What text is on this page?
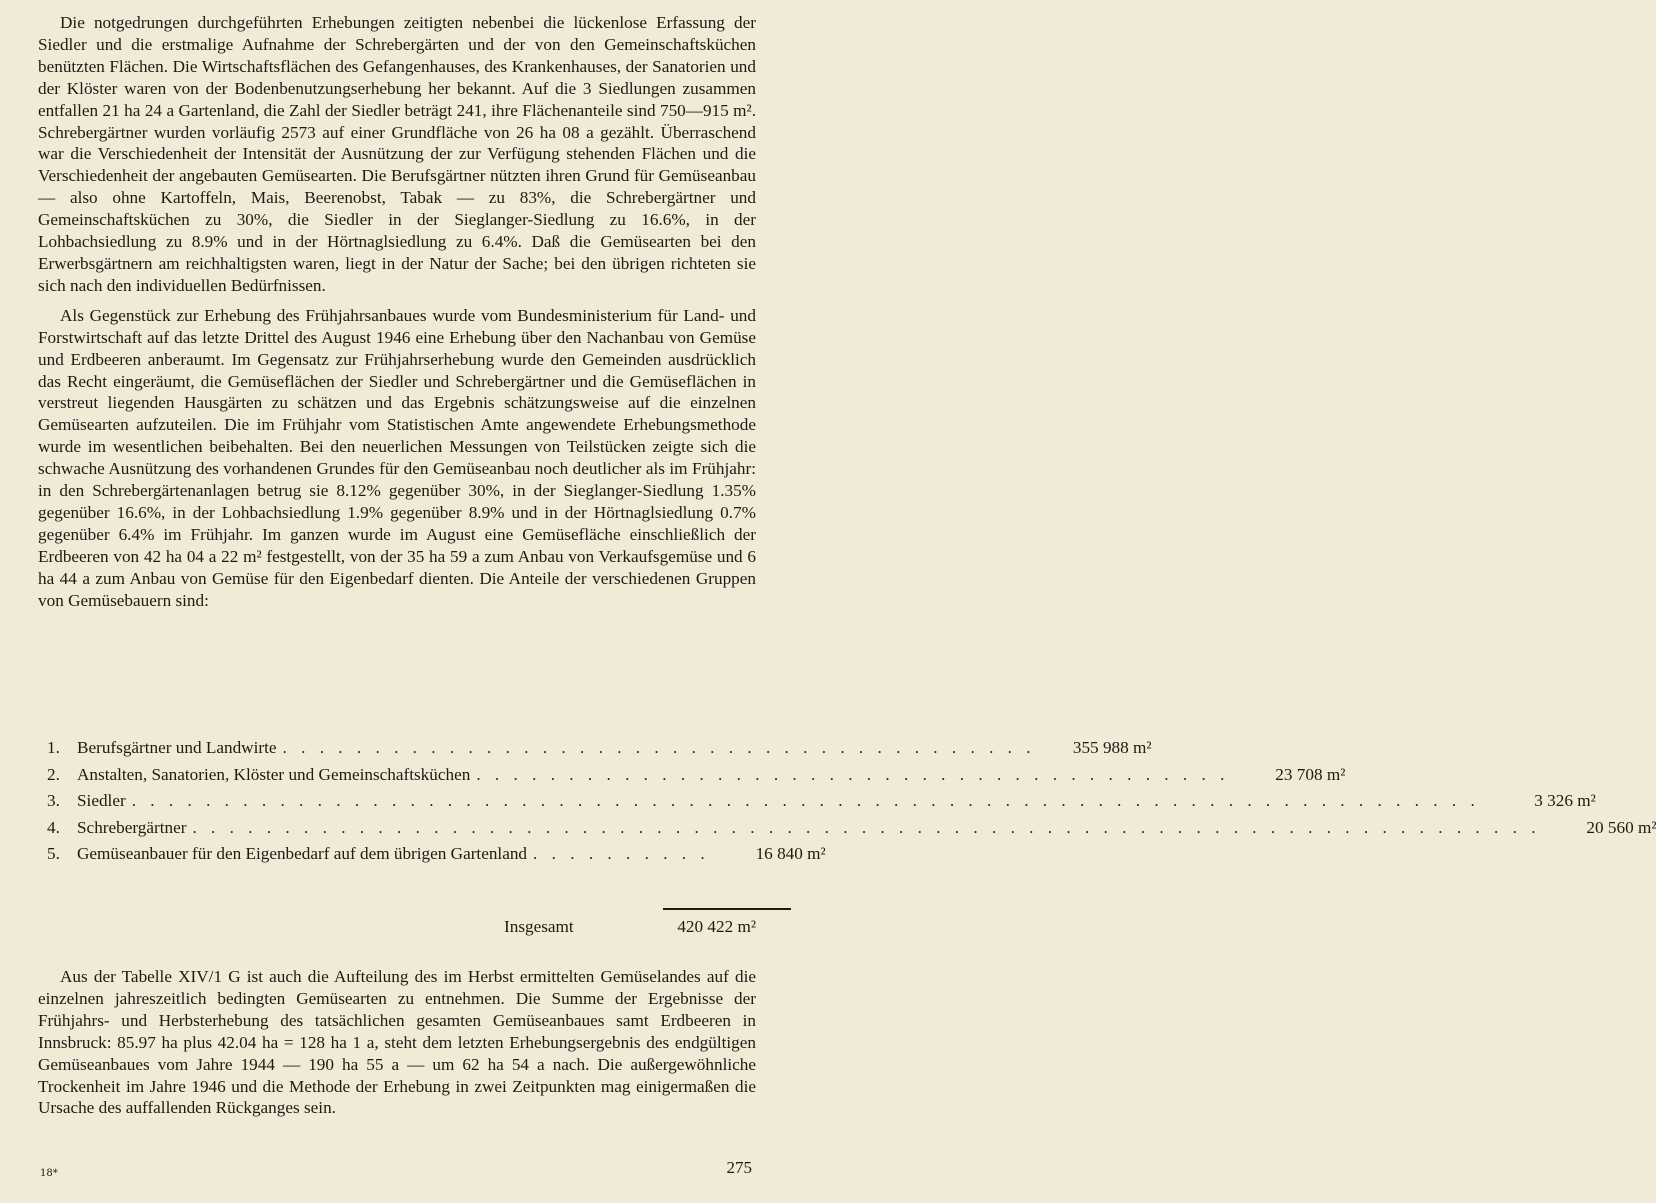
Die notgedrungen durchgeführten Erhebungen zeitigten nebenbei die lückenlose Erfassung der Siedler und die erstmalige Aufnahme der Schrebergärten und der von den Gemeinschaftsküchen benützten Flächen. Die Wirtschaftsflächen des Gefangenhauses, des Krankenhauses, der Sanatorien und der Klöster waren von der Bodenbenutzungserhebung her bekannt. Auf die 3 Siedlungen zusammen entfallen 21 ha 24 a Gartenland, die Zahl der Siedler beträgt 241, ihre Flächenanteile sind 750—915 m². Schrebergärtner wurden vorläufig 2573 auf einer Grundfläche von 26 ha 08 a gezählt. Überraschend war die Verschiedenheit der Intensität der Ausnützung der zur Verfügung stehenden Flächen und die Verschiedenheit der angebauten Gemüsearten. Die Berufsgärtner nützten ihren Grund für Gemüseanbau — also ohne Kartoffeln, Mais, Beerenobst, Tabak — zu 83%, die Schrebergärtner und Gemeinschaftsküchen zu 30%, die Siedler in der Sieglanger-Siedlung zu 16.6%, in der Lohbachsiedlung zu 8.9% und in der Hörtnaglsiedlung zu 6.4%. Daß die Gemüsearten bei den Erwerbsgärtnern am reichhaltigsten waren, liegt in der Natur der Sache; bei den übrigen richteten sie sich nach den individuellen Bedürfnissen.

Als Gegenstück zur Erhebung des Frühjahrsanbaues wurde vom Bundesministerium für Land- und Forstwirtschaft auf das letzte Drittel des August 1946 eine Erhebung über den Nachanbau von Gemüse und Erdbeeren anberaumt. Im Gegensatz zur Frühjahrserhebung wurde den Gemeinden ausdrücklich das Recht eingeräumt, die Gemüseflächen der Siedler und Schrebergärtner und die Gemüseflächen in verstreut liegenden Hausgärten zu schätzen und das Ergebnis schätzungsweise auf die einzelnen Gemüsearten aufzuteilen. Die im Frühjahr vom Statistischen Amte angewendete Erhebungsmethode wurde im wesentlichen beibehalten. Bei den neuerlichen Messungen von Teilstücken zeigte sich die schwache Ausnützung des vorhandenen Grundes für den Gemüseanbau noch deutlicher als im Frühjahr: in den Schrebergärtenanlagen betrug sie 8.12% gegenüber 30%, in der Sieglanger-Siedlung 1.35% gegenüber 16.6%, in der Lohbachsiedlung 1.9% gegenüber 8.9% und in der Hörtnaglsiedlung 0.7% gegenüber 6.4% im Frühjahr. Im ganzen wurde im August eine Gemüsefläche einschließlich der Erdbeeren von 42 ha 04 a 22 m² festgestellt, von der 35 ha 59 a zum Anbau von Verkaufsgemüse und 6 ha 44 a zum Anbau von Gemüse für den Eigenbedarf dienten. Die Anteile der verschiedenen Gruppen von Gemüsebauern sind:

1. Berufsgärtner und Landwirte . . . . . . . . . . . . . . . . . . . . . . . . . . . . . . . . . . . . . . . . .	355 988 m²
2. Anstalten, Sanatorien, Klöster und Gemeinschaftsküchen . . . . . . . . . . . . . . . . . . . . . . . . . . . . . . . . . . . . . . . . .	23 708 m²
3. Siedler . . . . . . . . . . . . . . . . . . . . . . . . . . . . . . . . . . . . . . . . . . . . . . . . . . . . . . . . . . . . . . . . . . . . . . . . .	3 326 m²
4. Schrebergärtner . . . . . . . . . . . . . . . . . . . . . . . . . . . . . . . . . . . . . . . . . . . . . . . . . . . . . . . . . . . . . . . . . . . . . . . . .	20 560 m²
5. Gemüseanbauer für den Eigenbedarf auf dem übrigen Gartenland . . . . . . . . . .	16 840 m²
Insgesamt	420 422 m²

Aus der Tabelle XIV/1 G ist auch die Aufteilung des im Herbst ermittelten Gemüselandes auf die einzelnen jahreszeitlich bedingten Gemüsearten zu entnehmen. Die Summe der Ergebnisse der Frühjahrs- und Herbsterhebung des tatsächlichen gesamten Gemüseanbaues samt Erdbeeren in Innsbruck: 85.97 ha plus 42.04 ha = 128 ha 1 a, steht dem letzten Erhebungsergebnis des endgültigen Gemüseanbaues vom Jahre 1944 — 190 ha 55 a — um 62 ha 54 a nach. Die außergewöhnliche Trockenheit im Jahre 1946 und die Methode der Erhebung in zwei Zeitpunkten mag einigermaßen die Ursache des auffallenden Rückganges sein.

18*	275
